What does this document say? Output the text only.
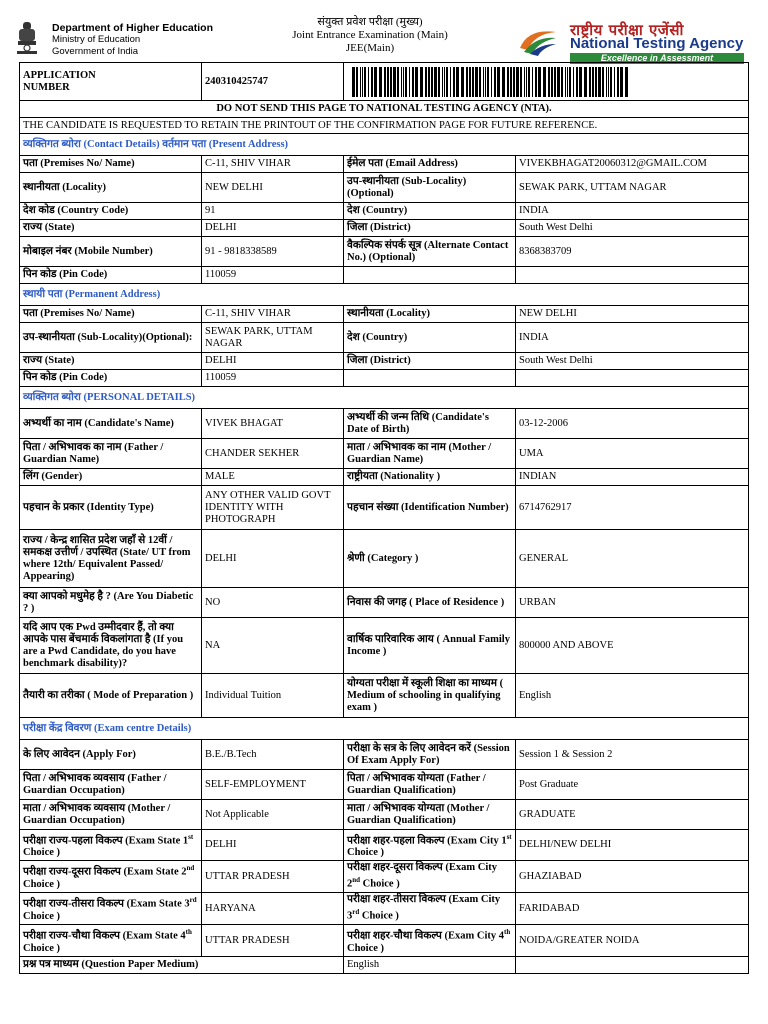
Department of Higher Education
Ministry of Education
Government of India
संयुक्त प्रवेश परीक्षा (मुख्य)
Joint Entrance Examination (Main)
JEE(Main)
राष्ट्रीय परीक्षा एजेंसी
National Testing Agency
Excellence in Assessment
APPLICATION
NUMBER	240310425747	

DO NOT SEND THIS PAGE TO NATIONAL TESTING AGENCY (NTA).			
THE CANDIDATE IS REQUESTED TO RETAIN THE PRINTOUT OF THE CONFIRMATION PAGE FOR FUTURE REFERENCE.			
व्यक्तिगत ब्योरा (Contact Details) वर्तमान पता (Present Address)			
पता (Premises No/ Name)	C-11, SHIV VIHAR	ईमेल पता (Email Address)	VIVEKBHAGAT20060312@GMAIL.COM
स्थानीयता (Locality)	NEW DELHI	उप-स्थानीयता (Sub-Locality)(Optional)	SEWAK PARK, UTTAM NAGAR
देश कोड (Country Code)	91	देश (Country)	INDIA
राज्य (State)	DELHI	जिला (District)	South West Delhi
मोबाइल नंबर (Mobile Number)	91 - 9818338589	वैकल्पिक संपर्क सूत्र (Alternate Contact No.) (Optional)	8368383709
पिन कोड (Pin Code)	110059		
स्थायी पता (Permanent Address)			
पता (Premises No/ Name)	C-11, SHIV VIHAR	स्थानीयता (Locality)	NEW DELHI
उप-स्थानीयता (Sub-Locality)(Optional):	SEWAK PARK, UTTAM NAGAR	देश (Country)	INDIA
राज्य (State)	DELHI	जिला (District)	South West Delhi
पिन कोड (Pin Code)	110059		
व्यक्तिगत ब्योरा (PERSONAL DETAILS)			
अभ्यर्थी का नाम (Candidate's Name)	VIVEK BHAGAT	अभ्यर्थी की जन्म तिथि (Candidate's Date of Birth)	03-12-2006
पिता / अभिभावक का नाम (Father / Guardian Name)	CHANDER SEKHER	माता / अभिभावक का नाम (Mother / Guardian Name)	UMA
लिंग (Gender)	MALE	राष्ट्रीयता (Nationality )	INDIAN
पहचान के प्रकार (Identity Type)	ANY OTHER VALID GOVT IDENTITY WITH PHOTOGRAPH	पहचान संख्या (Identification Number)	6714762917
राज्य / केन्द्र शासित प्रदेश जहाँ से 12वीं / समकक्ष उत्तीर्ण / उपस्थित (State/ UT from where 12th/ Equivalent Passed/ Appearing)	DELHI	श्रेणी (Category )	GENERAL
क्या आपको मधुमेह है ? (Are You Diabetic ? )	NO	निवास की जगह ( Place of Residence )	URBAN
यदि आप एक Pwd उम्मीदवार हैं, तो क्या आपके पास बेंचमार्क विकलांगता है (If you are a Pwd Candidate, do you have benchmark disability)?	NA	वार्षिक पारिवारिक आय ( Annual Family Income )	800000 AND ABOVE
तैयारी का तरीका ( Mode of Preparation )	Individual Tuition	योग्यता परीक्षा में स्कूली शिक्षा का माध्यम ( Medium of schooling in qualifying exam )	English
परीक्षा केंद्र विवरण (Exam centre Details)			
के लिए आवेदन (Apply For)	B.E./B.Tech	परीक्षा के सत्र के लिए आवेदन करें (Session Of Exam Apply For)	Session 1 & Session 2
पिता / अभिभावक व्यवसाय (Father / Guardian Occupation)	SELF-EMPLOYMENT	पिता / अभिभावक योग्यता (Father / Guardian Qualification)	Post Graduate
माता / अभिभावक व्यवसाय (Mother / Guardian Occupation)	Not Applicable	माता / अभिभावक योग्यता (Mother / Guardian Qualification)	GRADUATE
परीक्षा राज्य-पहला विकल्प (Exam State 1st Choice )	DELHI	परीक्षा शहर-पहला विकल्प (Exam City 1st Choice )	DELHI/NEW DELHI
परीक्षा राज्य-दूसरा विकल्प (Exam State 2nd Choice )	UTTAR PRADESH	परीक्षा शहर-दूसरा विकल्प (Exam City 2nd Choice )	GHAZIABAD
परीक्षा राज्य-तीसरा विकल्प (Exam State 3rd Choice )	HARYANA	परीक्षा शहर-तीसरा विकल्प (Exam City 3rd Choice )	FARIDABAD
परीक्षा राज्य-चौथा विकल्प (Exam State 4th Choice )	UTTAR PRADESH	परीक्षा शहर-चौथा विकल्प (Exam City 4th Choice )	NOIDA/GREATER NOIDA
प्रश्न पत्र माध्यम (Question Paper Medium)		English	
